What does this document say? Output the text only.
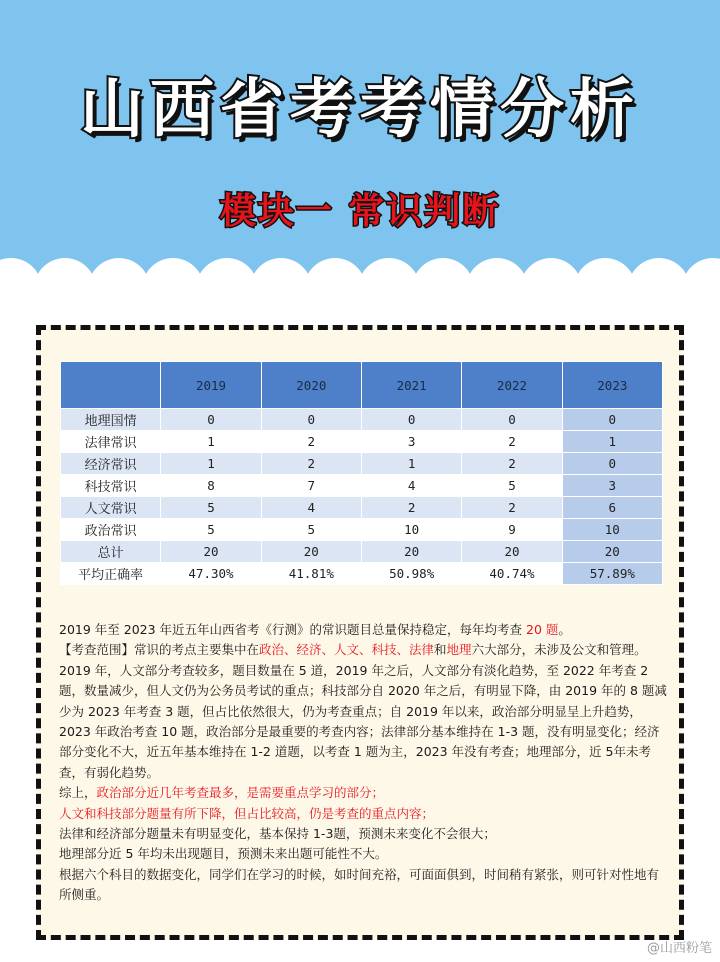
山西省考考情分析
模块一 常识判断
	2019	2020	2021	2022	2023
地理国情	0	0	0	0	0
法律常识	1	2	3	2	1
经济常识	1	2	1	2	0
科技常识	8	7	4	5	3
人文常识	5	4	2	2	6
政治常识	5	5	10	9	10
总计	20	20	20	20	20
平均正确率	47.30%	41.81%	50.98%	40.74%	57.89%

2019 年至 2023 年近五年山西省考《行测》的常识题目总量保持稳定，每年均考查 20 题。

【考查范围】常识的考点主要集中在政治、经济、人文、科技、法律和地理六大部分，未涉及公文和管理。2019 年，人文部分考查较多，题目数量在 5 道，2019 年之后，人文部分有淡化趋势，至 2022 年考查 2 题，数量减少，但人文仍为公务员考试的重点；科技部分自 2020 年之后，有明显下降，由 2019 年的 8 题减少为 2023 年考查 3 题，但占比依然很大，仍为考查重点；自 2019 年以来，政治部分明显呈上升趋势，2023 年政治考查 10 题，政治部分是最重要的考查内容；法律部分基本维持在 1-3 题，没有明显变化；经济部分变化不大，近五年基本维持在 1-2 道题，以考查 1 题为主，2023 年没有考查；地理部分，近 5年未考查，有弱化趋势。

综上，政治部分近几年考查最多，是需要重点学习的部分；

人文和科技部分题量有所下降，但占比较高，仍是考查的重点内容；

法律和经济部分题量未有明显变化，基本保持 1-3题，预测未来变化不会很大；

地理部分近 5 年均未出现题目，预测未来出题可能性不大。

根据六个科目的数据变化，同学们在学习的时候，如时间充裕，可面面俱到，时间稍有紧张，则可针对性地有所侧重。

@山西粉笔
